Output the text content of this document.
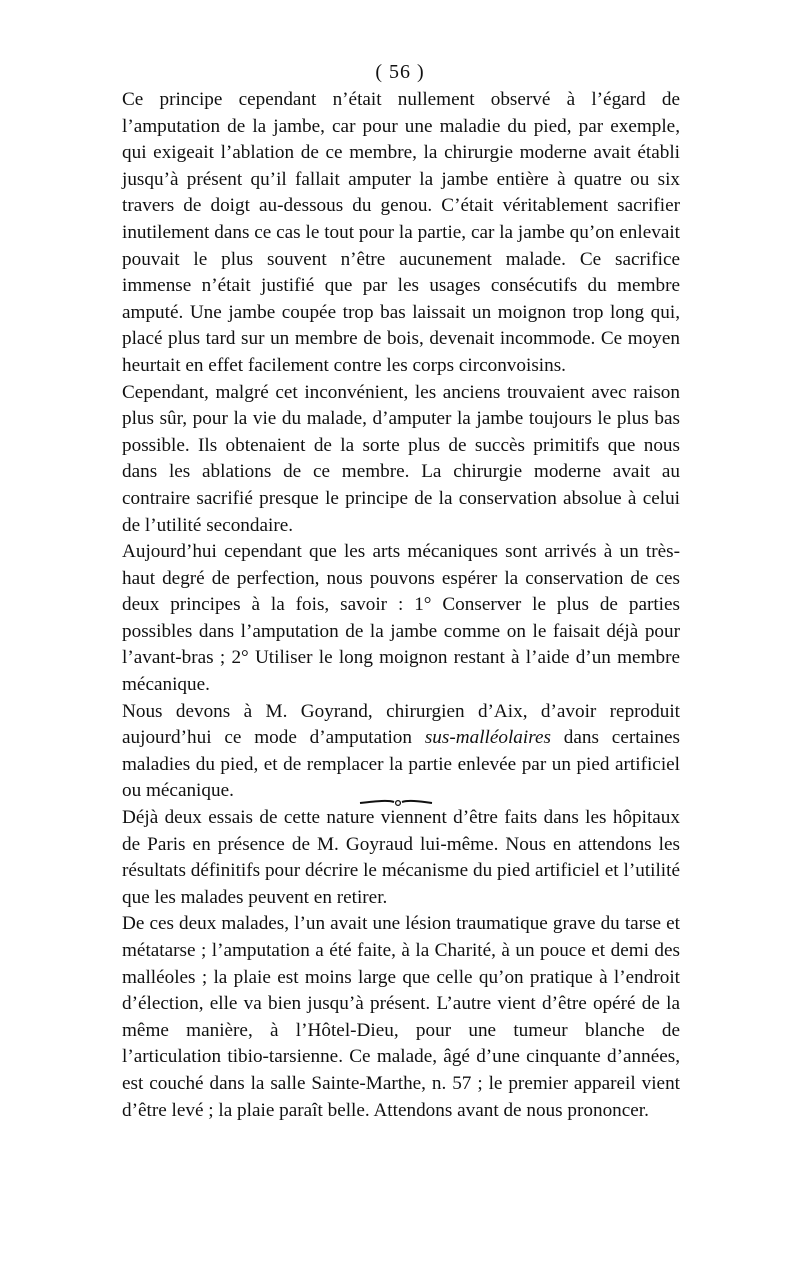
( 56 )

Ce principe cependant n’était nullement observé à l’égard de l’amputation de la jambe, car pour une maladie du pied, par exemple, qui exigeait l’ablation de ce membre, la chirurgie moderne avait établi jusqu’à présent qu’il fallait amputer la jambe entière à quatre ou six travers de doigt au-dessous du genou. C’était véritablement sacrifier inutilement dans ce cas le tout pour la partie, car la jambe qu’on enlevait pouvait le plus souvent n’être aucunement malade. Ce sacrifice immense n’était justifié que par les usages consécutifs du membre amputé. Une jambe coupée trop bas laissait un moignon trop long qui, placé plus tard sur un membre de bois, devenait incommode. Ce moyen heurtait en effet facilement contre les corps circonvoisins.

Cependant, malgré cet inconvénient, les anciens trouvaient avec raison plus sûr, pour la vie du malade, d’amputer la jambe toujours le plus bas possible. Ils obtenaient de la sorte plus de succès primitifs que nous dans les ablations de ce membre. La chirurgie moderne avait au contraire sacrifié presque le principe de la conservation absolue à celui de l’utilité secondaire.

Aujourd’hui cependant que les arts mécaniques sont arrivés à un très-haut degré de perfection, nous pouvons espérer la conservation de ces deux principes à la fois, savoir : 1° Conserver le plus de parties possibles dans l’amputation de la jambe comme on le faisait déjà pour l’avant-bras ; 2° Utiliser le long moignon restant à l’aide d’un membre mécanique.

Nous devons à M. Goyrand, chirurgien d’Aix, d’avoir reproduit aujourd’hui ce mode d’amputation sus-malléolaires dans certaines maladies du pied, et de remplacer la partie enlevée par un pied artificiel ou mécanique.

Déjà deux essais de cette nature viennent d’être faits dans les hôpitaux de Paris en présence de M. Goyraud lui-même. Nous en attendons les résultats définitifs pour décrire le mécanisme du pied artificiel et l’utilité que les malades peuvent en retirer.

De ces deux malades, l’un avait une lésion traumatique grave du tarse et métatarse ; l’amputation a été faite, à la Charité, à un pouce et demi des malléoles ; la plaie est moins large que celle qu’on pratique à l’endroit d’élection, elle va bien jusqu’à présent. L’autre vient d’être opéré de la même manière, à l’Hôtel-Dieu, pour une tumeur blanche de l’articulation tibio-tarsienne. Ce malade, âgé d’une cinquante d’années, est couché dans la salle Sainte-Marthe, n. 57 ; le premier appareil vient d’être levé ; la plaie paraît belle. Attendons avant de nous prononcer.
